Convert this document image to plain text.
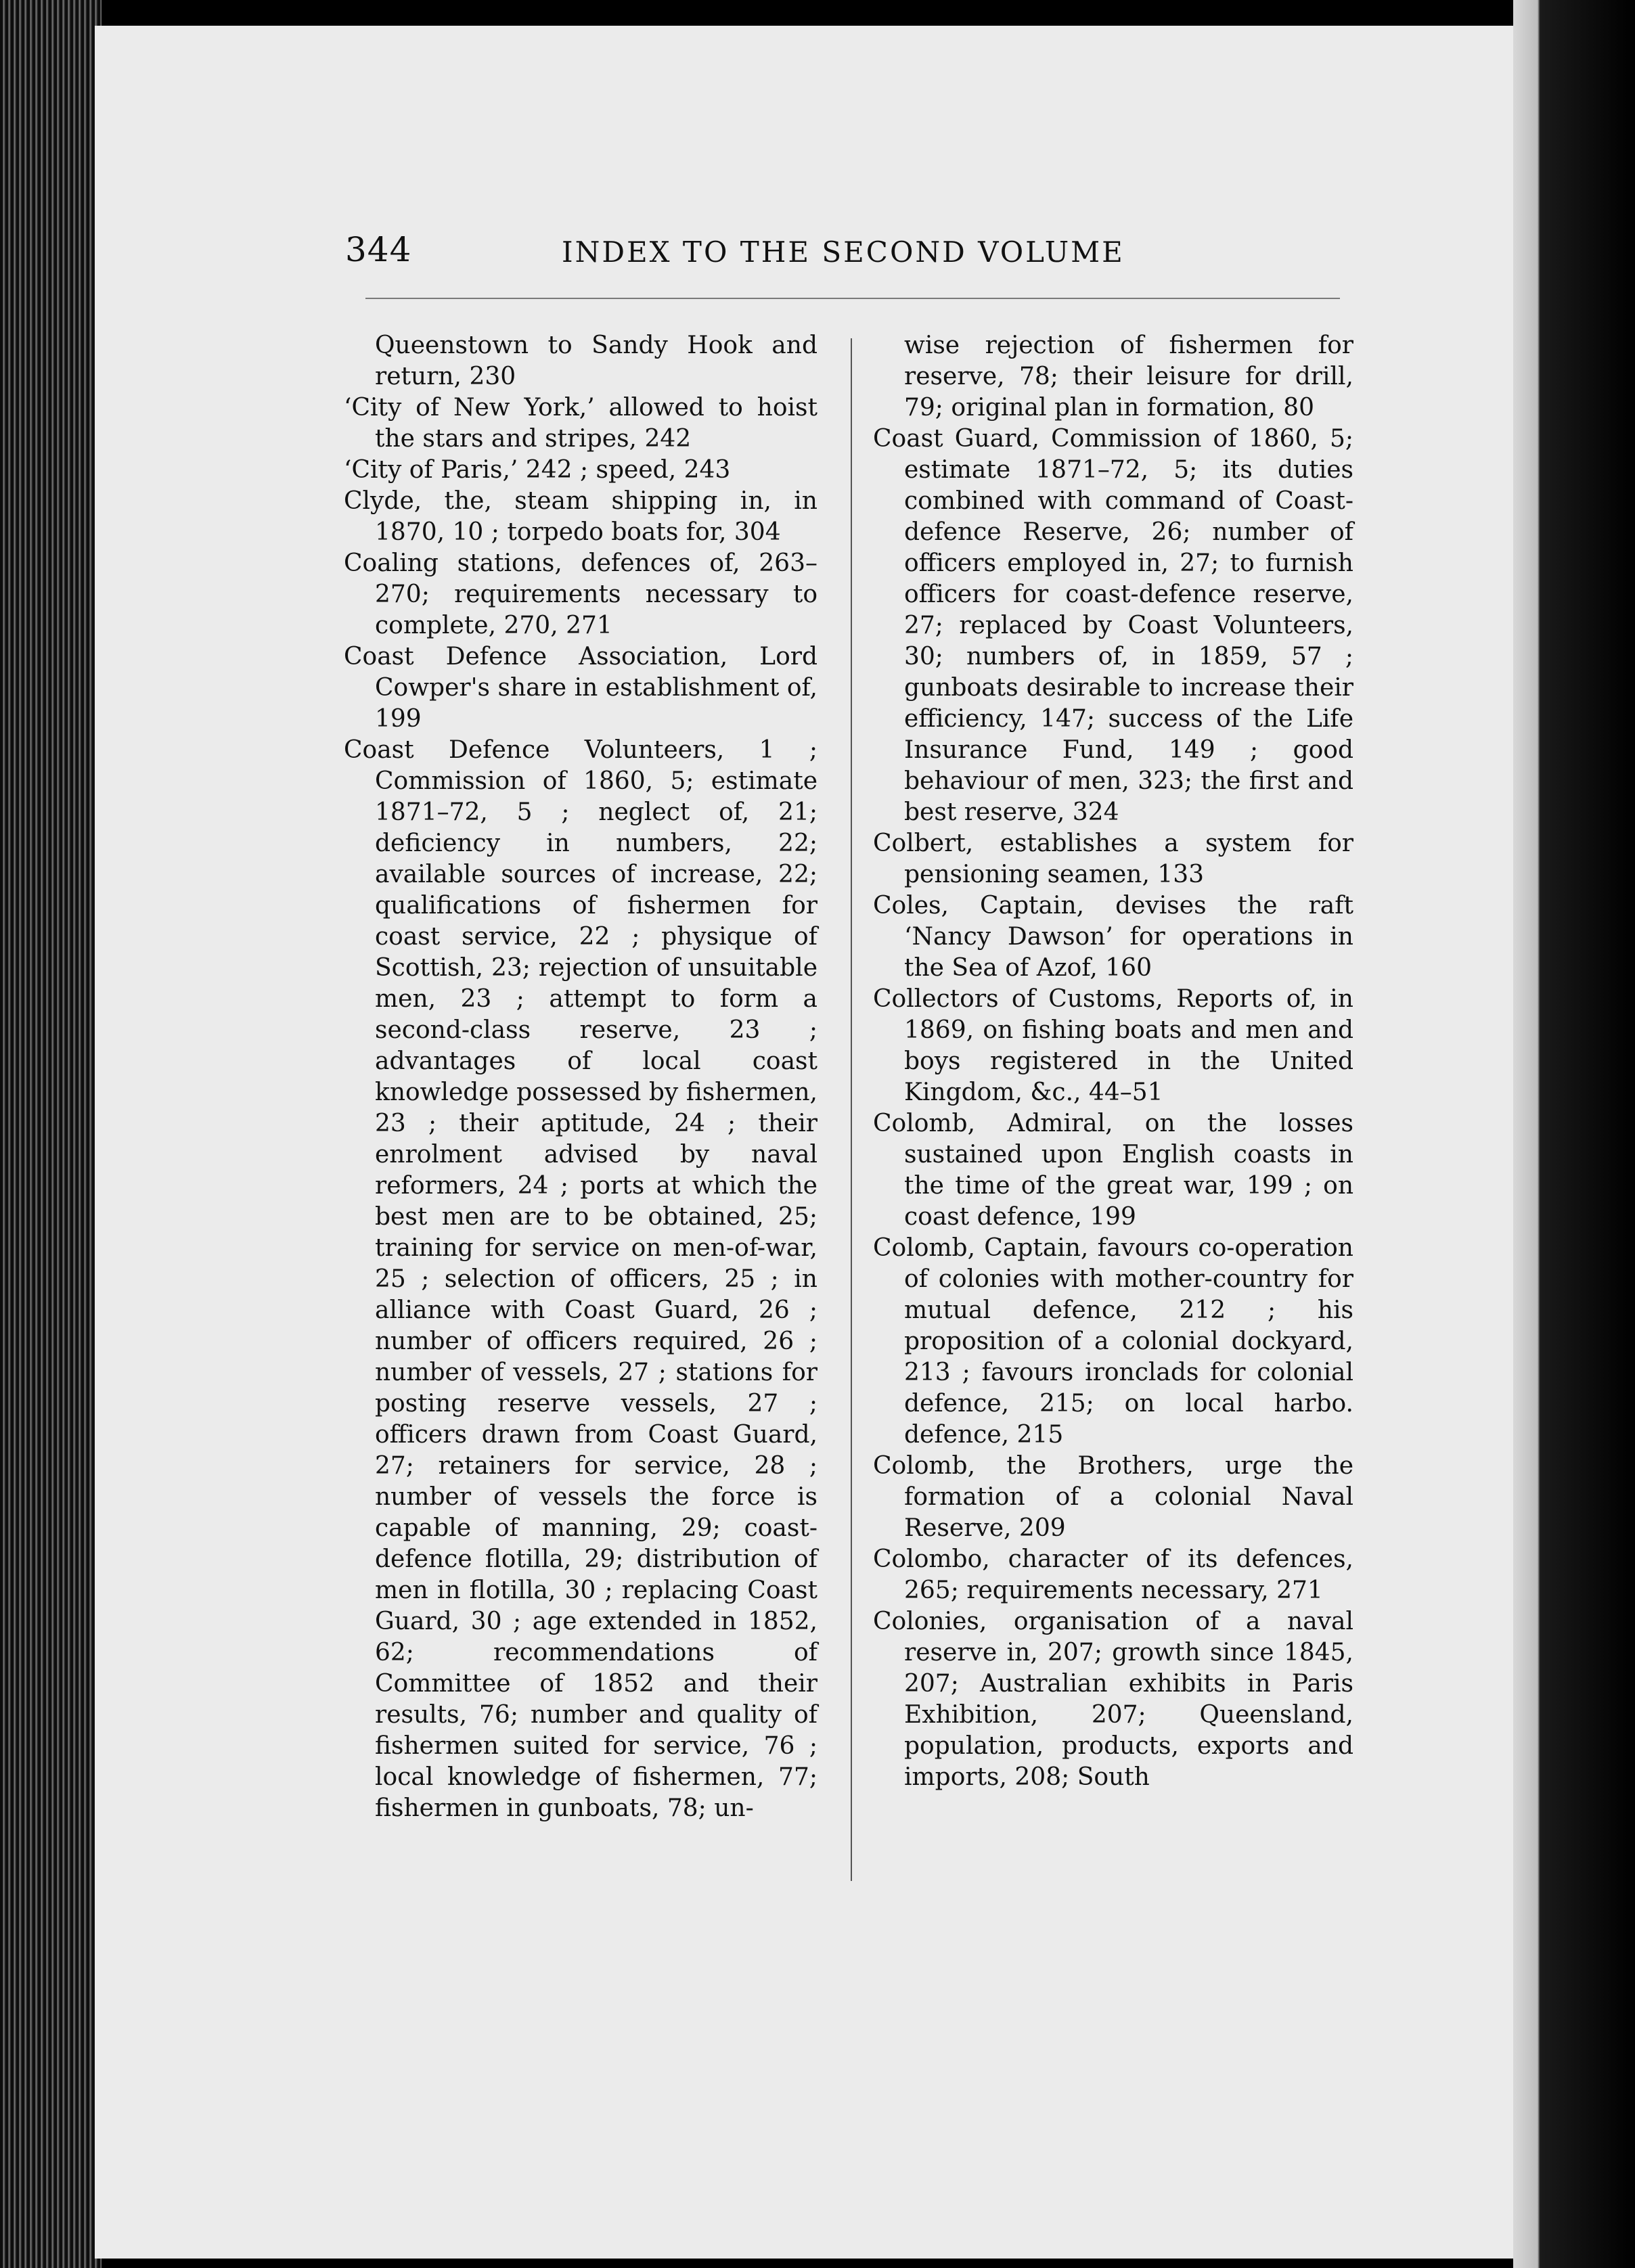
344	INDEX TO THE SECOND VOLUME

Queenstown to Sandy Hook and return, 230

‘City of New York,’ allowed to hoist the stars and stripes, 242

‘City of Paris,’ 242 ; speed, 243

Clyde, the, steam shipping in, in 1870, 10 ; torpedo boats for, 304

Coaling stations, defences of, 263–270; requirements necessary to complete, 270, 271

Coast Defence Association, Lord Cowper's share in establishment of, 199

Coast Defence Volunteers, 1 ; Commission of 1860, 5; estimate 1871–72, 5 ; neglect of, 21; deficiency in numbers, 22; available sources of increase, 22; qualifications of fishermen for coast service, 22 ; physique of Scottish, 23; rejection of unsuitable men, 23 ; attempt to form a second-class reserve, 23 ; advantages of local coast knowledge possessed by fishermen, 23 ; their aptitude, 24 ; their enrolment advised by naval reformers, 24 ; ports at which the best men are to be obtained, 25; training for service on men-of-war, 25 ; selection of officers, 25 ; in alliance with Coast Guard, 26 ; number of officers required, 26 ; number of vessels, 27 ; stations for posting reserve vessels, 27 ; officers drawn from Coast Guard, 27; retainers for service, 28 ; number of vessels the force is capable of manning, 29; coast-defence flotilla, 29; distribution of men in flotilla, 30 ; replacing Coast Guard, 30 ; age extended in 1852, 62; recommendations of Committee of 1852 and their results, 76; number and quality of fishermen suited for service, 76 ; local knowledge of fishermen, 77; fishermen in gunboats, 78; un-

wise rejection of fishermen for reserve, 78; their leisure for drill, 79; original plan in formation, 80

Coast Guard, Commission of 1860, 5; estimate 1871–72, 5; its duties combined with command of Coast-defence Reserve, 26; number of officers employed in, 27; to furnish officers for coast-defence reserve, 27; replaced by Coast Volunteers, 30; numbers of, in 1859, 57 ; gunboats desirable to increase their efficiency, 147; success of the Life Insurance Fund, 149 ; good behaviour of men, 323; the first and best reserve, 324

Colbert, establishes a system for pensioning seamen, 133

Coles, Captain, devises the raft ‘Nancy Dawson’ for operations in the Sea of Azof, 160

Collectors of Customs, Reports of, in 1869, on fishing boats and men and boys registered in the United Kingdom, &c., 44–51

Colomb, Admiral, on the losses sustained upon English coasts in the time of the great war, 199 ; on coast defence, 199

Colomb, Captain, favours co-operation of colonies with mother-country for mutual defence, 212 ; his proposition of a colonial dockyard, 213 ; favours ironclads for colonial defence, 215; on local harbo. defence, 215

Colomb, the Brothers, urge the formation of a colonial Naval Reserve, 209

Colombo, character of its defences, 265; requirements necessary, 271

Colonies, organisation of a naval reserve in, 207; growth since 1845, 207; Australian exhibits in Paris Exhibition, 207; Queensland, population, products, exports and imports, 208; South
